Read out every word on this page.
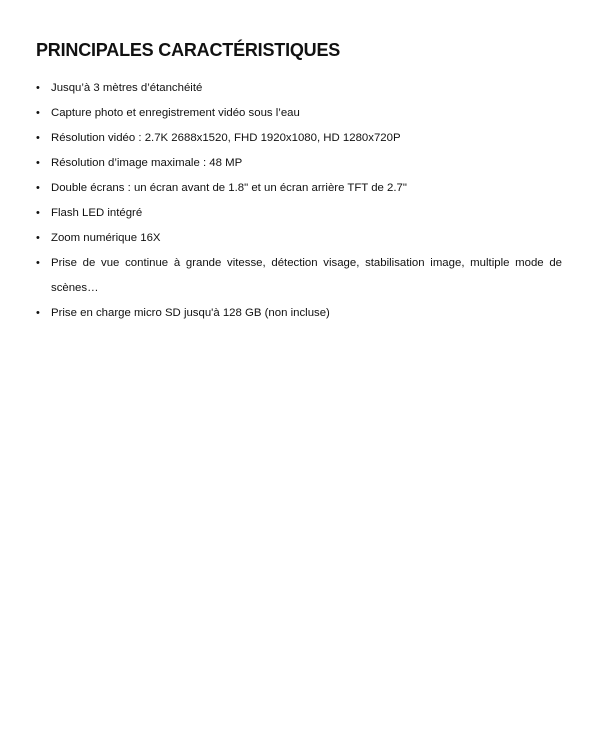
PRINCIPALES CARACTÉRISTIQUES
• Jusqu’à 3 mètres d’étanchéité
• Capture photo et enregistrement vidéo sous l’eau
• Résolution vidéo : 2.7K 2688x1520, FHD 1920x1080, HD 1280x720P
• Résolution d’image maximale : 48 MP
• Double écrans : un écran avant de 1.8" et un écran arrière TFT de 2.7"
• Flash LED intégré
• Zoom numérique 16X
• Prise de vue continue à grande vitesse, détection visage, stabilisation image, multiple mode de scènes…
• Prise en charge micro SD jusqu'à 128 GB (non incluse)
